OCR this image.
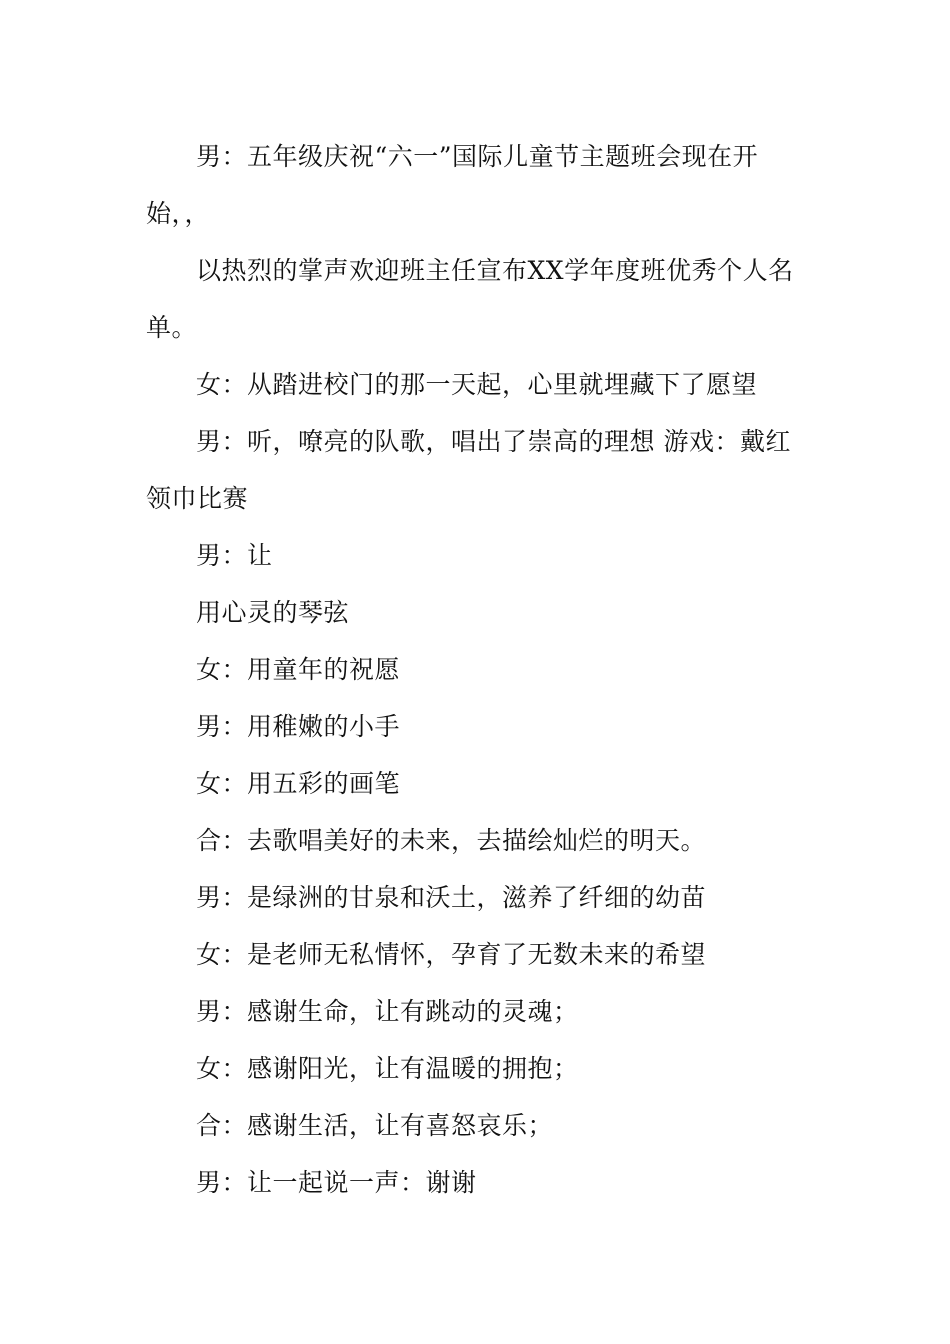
男：五年级庆祝“六一”国际儿童节主题班会现在开始，，

以热烈的掌声欢迎班主任宣布XX学年度班优秀个人名单。

女：从踏进校门的那一天起，心里就埋藏下了愿望

男：听，嘹亮的队歌，唱出了崇高的理想 游戏：戴红领巾比赛

男：让

用心灵的琴弦

女：用童年的祝愿

男：用稚嫩的小手

女：用五彩的画笔

合：去歌唱美好的未来，去描绘灿烂的明天。

男：是绿洲的甘泉和沃土，滋养了纤细的幼苗

女：是老师无私情怀，孕育了无数未来的希望

男：感谢生命，让有跳动的灵魂；

女：感谢阳光，让有温暖的拥抱；

合：感谢生活，让有喜怒哀乐；

男：让一起说一声：谢谢
